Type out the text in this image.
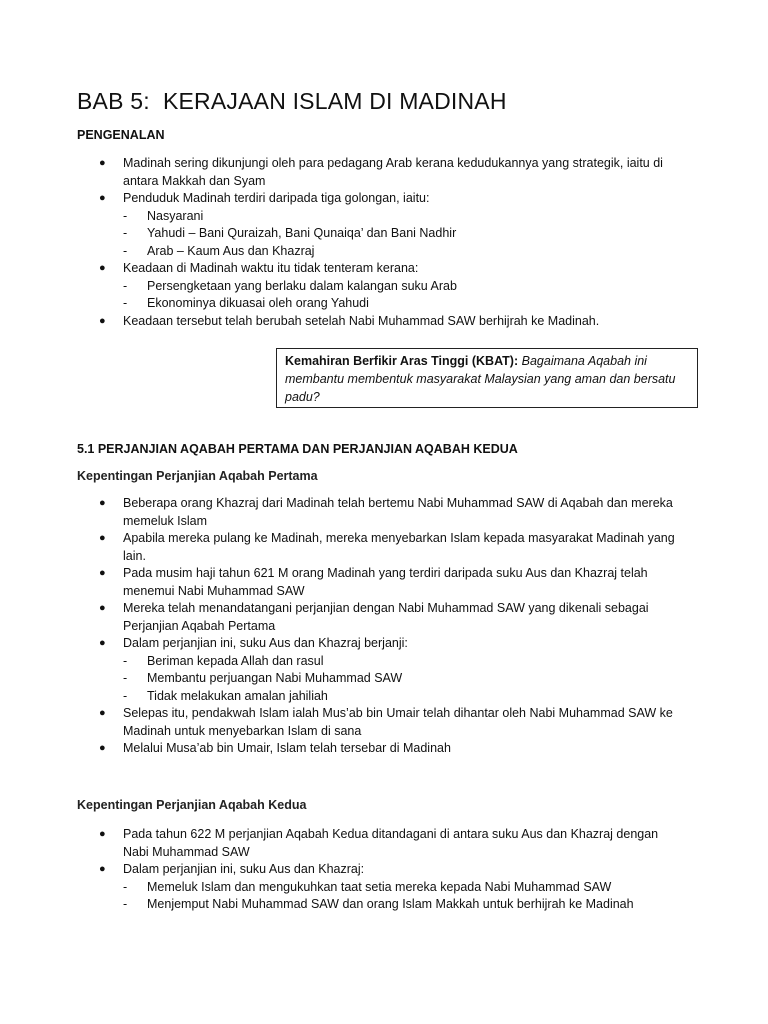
BAB 5:  KERAJAAN ISLAM DI MADINAH
PENGENALAN
● Madinah sering dikunjungi oleh para pedagang Arab kerana kedudukannya yang strategik, iaitu di antara Makkah dan Syam
● Penduduk Madinah terdiri daripada tiga golongan, iaitu:
- Nasyarani
- Yahudi – Bani Quraizah, Bani Qunaiqa’ dan Bani Nadhir
- Arab – Kaum Aus dan Khazraj
● Keadaan di Madinah waktu itu tidak tenteram kerana:
- Persengketaan yang berlaku dalam kalangan suku Arab
- Ekonominya dikuasai oleh orang Yahudi
● Keadaan tersebut telah berubah setelah Nabi Muhammad SAW berhijrah ke Madinah.
Kemahiran Berfikir Aras Tinggi (KBAT): Bagaimana Aqabah ini membantu membentuk masyarakat Malaysian yang aman dan bersatu padu?
5.1 PERJANJIAN AQABAH PERTAMA DAN PERJANJIAN AQABAH KEDUA
Kepentingan Perjanjian Aqabah Pertama
● Beberapa orang Khazraj dari Madinah telah bertemu Nabi Muhammad SAW di Aqabah dan mereka memeluk Islam
● Apabila mereka pulang ke Madinah, mereka menyebarkan Islam kepada masyarakat Madinah yang lain.
● Pada musim haji tahun 621 M orang Madinah yang terdiri daripada suku Aus dan Khazraj telah menemui Nabi Muhammad SAW
● Mereka telah menandatangani perjanjian dengan Nabi Muhammad SAW yang dikenali sebagai Perjanjian Aqabah Pertama
● Dalam perjanjian ini, suku Aus dan Khazraj berjanji:
- Beriman kepada Allah dan rasul
- Membantu perjuangan Nabi Muhammad SAW
- Tidak melakukan amalan jahiliah
● Selepas itu, pendakwah Islam ialah Mus’ab bin Umair telah dihantar oleh Nabi Muhammad SAW ke Madinah untuk menyebarkan Islam di sana
● Melalui Musa’ab bin Umair, Islam telah tersebar di Madinah
Kepentingan Perjanjian Aqabah Kedua
● Pada tahun 622 M perjanjian Aqabah Kedua ditandagani di antara suku Aus dan Khazraj dengan Nabi Muhammad SAW
● Dalam perjanjian ini, suku Aus dan Khazraj:
- Memeluk Islam dan mengukuhkan taat setia mereka kepada Nabi Muhammad SAW
- Menjemput Nabi Muhammad SAW dan orang Islam Makkah untuk berhijrah ke Madinah
